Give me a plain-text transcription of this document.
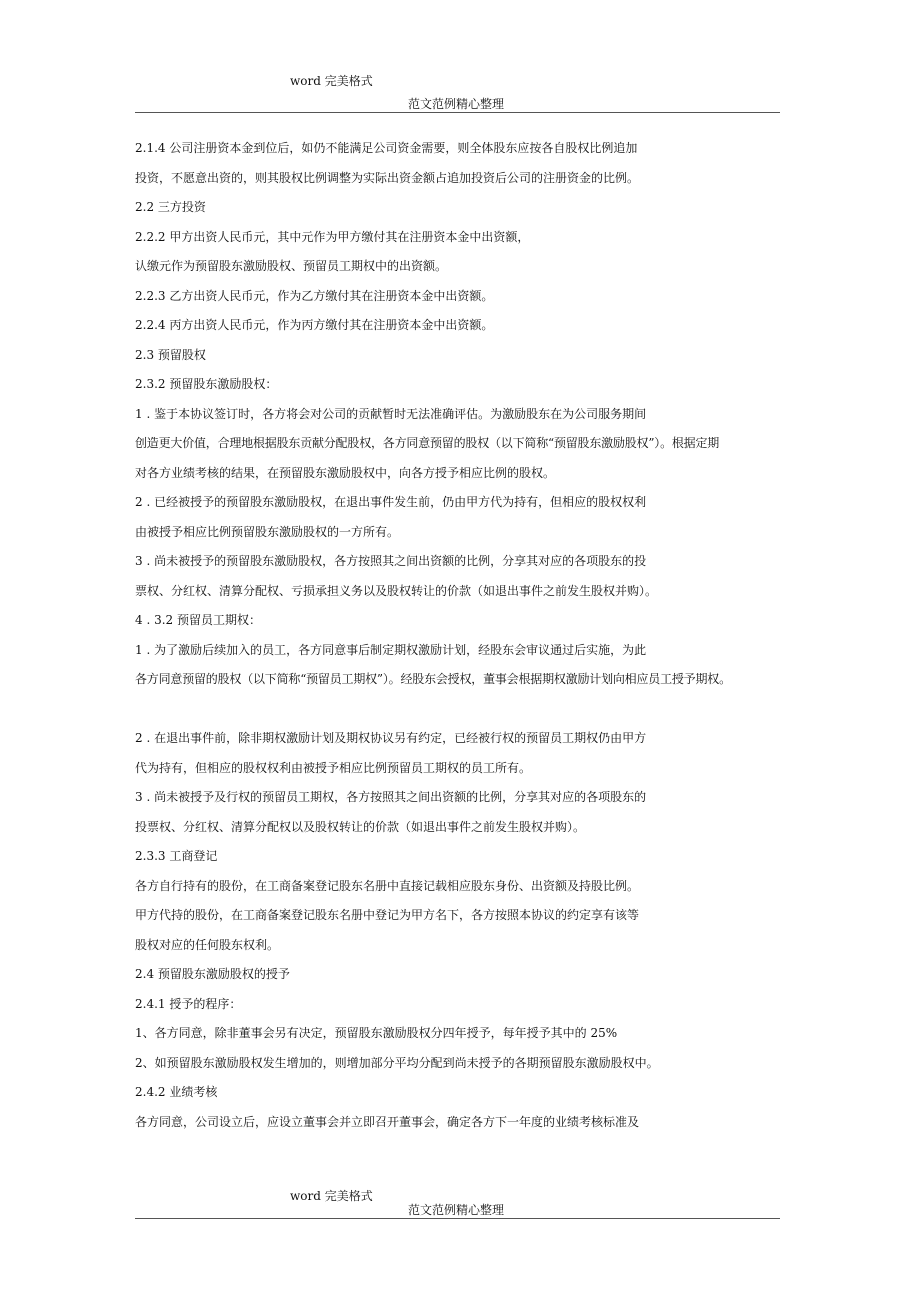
word 完美格式
范文范例精心整理
2.1.4 公司注册资本金到位后，如仍不能满足公司资金需要，则全体股东应按各自股权比例追加
投资，不愿意出资的，则其股权比例调整为实际出资金额占追加投资后公司的注册资金的比例。
2.2 三方投资
2.2.2 甲方出资人民币元，其中元作为甲方缴付其在注册资本金中出资额，
认缴元作为预留股东激励股权、预留员工期权中的出资额。
2.2.3 乙方出资人民币元，作为乙方缴付其在注册资本金中出资额。
2.2.4 丙方出资人民币元，作为丙方缴付其在注册资本金中出资额。
2.3 预留股权
2.3.2 预留股东激励股权：
1 . 鉴于本协议签订时，各方将会对公司的贡献暂时无法准确评估。为激励股东在为公司服务期间
创造更大价值，合理地根据股东贡献分配股权，各方同意预留的股权（以下简称“预留股东激励股权”）。根据定期
对各方业绩考核的结果，在预留股东激励股权中，向各方授予相应比例的股权。
2 . 已经被授予的预留股东激励股权，在退出事件发生前，仍由甲方代为持有，但相应的股权权利
由被授予相应比例预留股东激励股权的一方所有。
3 . 尚未被授予的预留股东激励股权，各方按照其之间出资额的比例，分享其对应的各项股东的投
票权、分红权、清算分配权、亏损承担义务以及股权转让的价款（如退出事件之前发生股权并购）。
4 . 3.2 预留员工期权：
1 . 为了激励后续加入的员工，各方同意事后制定期权激励计划，经股东会审议通过后实施，为此
各方同意预留的股权（以下简称“预留员工期权”）。经股东会授权，董事会根据期权激励计划向相应员工授予期权。
2 . 在退出事件前，除非期权激励计划及期权协议另有约定，已经被行权的预留员工期权仍由甲方
代为持有，但相应的股权权利由被授予相应比例预留员工期权的员工所有。
3 . 尚未被授予及行权的预留员工期权，各方按照其之间出资额的比例，分享其对应的各项股东的
投票权、分红权、清算分配权以及股权转让的价款（如退出事件之前发生股权并购）。
2.3.3 工商登记
各方自行持有的股份，在工商备案登记股东名册中直接记载相应股东身份、出资额及持股比例。
甲方代持的股份，在工商备案登记股东名册中登记为甲方名下，各方按照本协议的约定享有该等
股权对应的任何股东权利。
2.4 预留股东激励股权的授予
2.4.1 授予的程序：
1、各方同意，除非董事会另有决定，预留股东激励股权分四年授予，每年授予其中的 25%
2、如预留股东激励股权发生增加的，则增加部分平均分配到尚未授予的各期预留股东激励股权中。
2.4.2 业绩考核
各方同意，公司设立后，应设立董事会并立即召开董事会，确定各方下一年度的业绩考核标准及
word 完美格式
范文范例精心整理
